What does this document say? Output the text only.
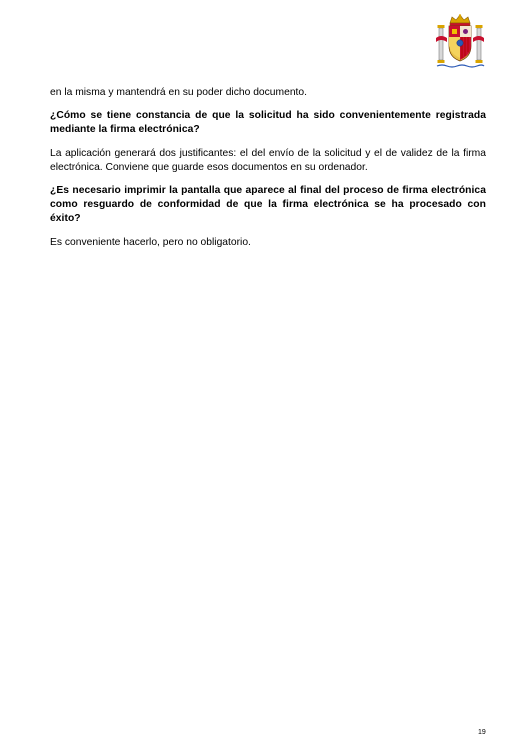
en la misma y mantendrá en su poder dicho documento.

¿Cómo se tiene constancia de que la solicitud ha sido convenientemente registrada mediante la firma electrónica?

La aplicación generará dos justificantes: el del envío de la solicitud y el de validez de la firma electrónica. Conviene que guarde esos documentos en su ordenador.

¿Es necesario imprimir la pantalla que aparece al final del proceso de firma electrónica como resguardo de conformidad de que la firma electrónica se ha procesado con éxito?

Es conveniente hacerlo, pero no obligatorio.

19
